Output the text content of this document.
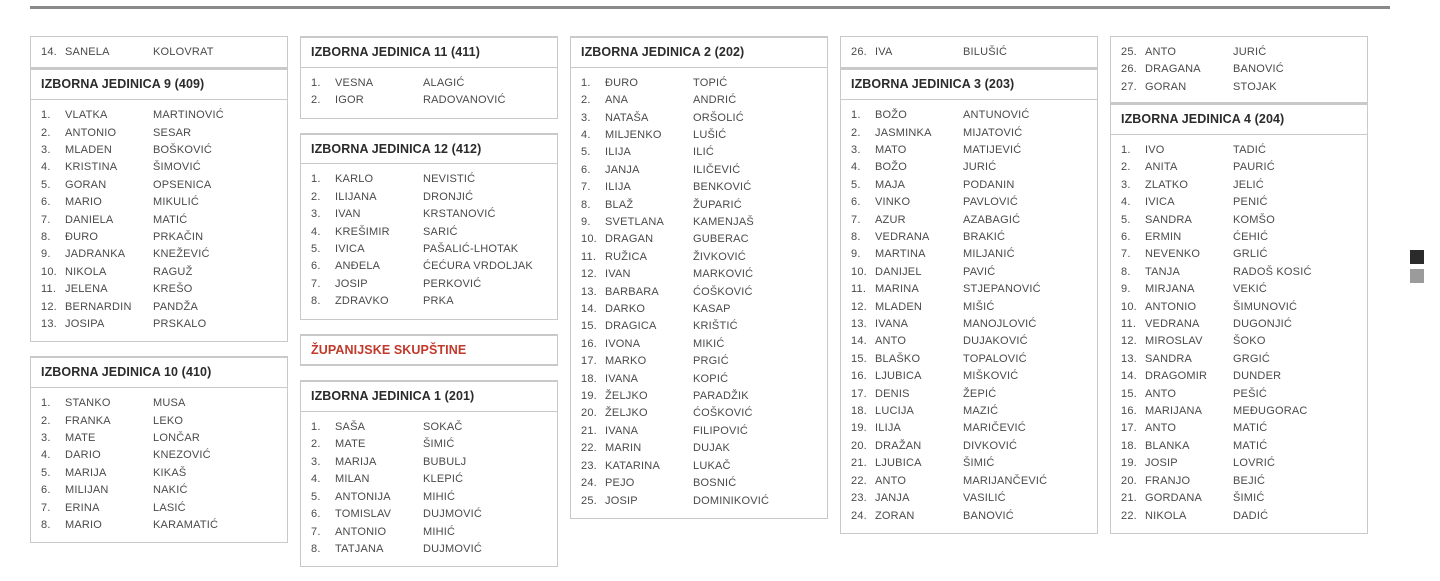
14. SANELA	KOLOVRAT
IZBORNA JEDINICA 9 (409)
1.	VLATKA	MARTINOVIĆ
2.	ANTONIO	SESAR
3.	MLADEN	BOŠKOVIĆ
4.	KRISTINA	ŠIMOVIĆ
5.	GORAN	OPSENICA
6.	MARIO	MIKULIĆ
7.	DANIELA	MATIĆ
8.	ĐURO	PRKAČIN
9.	JADRANKA	KNEŽEVIĆ
10. NIKOLA	RAGUŽ
11. JELENA	KREŠO
12. BERNARDIN	PANDŽA
13. JOSIPA	PRSKALO
IZBORNA JEDINICA 10 (410)
1.	STANKO	MUSA
2.	FRANKA	LEKO
3.	MATE	LONČAR
4.	DARIO	KNEZOVIĆ
5.	MARIJA	KIKAŠ
6.	MILIJAN	NAKIĆ
7.	ERINA	LASIĆ
8.	MARIO	KARAMATIĆ
IZBORNA JEDINICA 11 (411)
1.	VESNA	ALAGIĆ
2.	IGOR	RADOVANOVIĆ
IZBORNA JEDINICA 12 (412)
1.	KARLO	NEVISTIĆ
2.	ILIJANA	DRONJIĆ
3.	IVAN	KRSTANOVIĆ
4.	KREŠIMIR	SARIĆ
5.	IVICA	PAŠALIĆ-LHOTAK
6.	ANĐELA	ĆEĆURA VRDOLJAK
7.	JOSIP	PERKOVIĆ
8.	ZDRAVKO	PRKA
ŽUPANIJSKE SKUPŠTINE
IZBORNA JEDINICA 1 (201)
1.	SAŠA	SOKAČ
2.	MATE	ŠIMIĆ
3.	MARIJA	BUBULJ
4.	MILAN	KLEPIĆ
5.	ANTONIJA	MIHIĆ
6.	TOMISLAV	DUJMOVIĆ
7.	ANTONIO	MIHIĆ
8.	TATJANA	DUJMOVIĆ
IZBORNA JEDINICA 2 (202)
1.	ĐURO	TOPIĆ
2.	ANA	ANDRIĆ
3.	NATAŠA	ORŠOLIĆ
4.	MILJENKO	LUŠIĆ
5.	ILIJA	ILIĆ
6.	JANJA	ILIČEVIĆ
7.	ILIJA	BENKOVIĆ
8.	BLAŽ	ŽUPARIĆ
9.	SVETLANA	KAMENJAŠ
10. DRAGAN	GUBERAC
11. RUŽICA	ŽIVKOVIĆ
12. IVAN	MARKOVIĆ
13. BARBARA	ĆOŠKOVIĆ
14. DARKO	KASAP
15. DRAGICA	KRIŠTIĆ
16. IVONA	MIKIĆ
17. MARKO	PRGIĆ
18. IVANA	KOPIĆ
19. ŽELJKO	PARADŽIK
20. ŽELJKO	ĆOŠKOVIĆ
21. IVANA	FILIPOVIĆ
22. MARIN	DUJAK
23. KATARINA	LUKAČ
24. PEJO	BOSNIĆ
25. JOSIP	DOMINIKOVIĆ
26. IVA	BILUŠIĆ
IZBORNA JEDINICA 3 (203)
1.	BOŽO	ANTUNOVIĆ
2.	JASMINKA	MIJATOVIĆ
3.	MATO	MATIJEVIĆ
4.	BOŽO	JURIĆ
5.	MAJA	PODANIN
6.	VINKO	PAVLOVIĆ
7.	AZUR	AZABAGIĆ
8.	VEDRANA	BRAKIĆ
9.	MARTINA	MILJANIĆ
10. DANIJEL	PAVIĆ
11. MARINA	STJEPANOVIĆ
12. MLADEN	MIŠIĆ
13. IVANA	MANOJLOVIĆ
14. ANTO	DUJAKOVIĆ
15. BLAŠKO	TOPALOVIĆ
16. LJUBICA	MIŠKOVIĆ
17. DENIS	ŽEPIĆ
18. LUCIJA	MAZIĆ
19. ILIJA	MARIČEVIĆ
20. DRAŽAN	DIVKOVIĆ
21. LJUBICA	ŠIMIĆ
22. ANTO	MARIJANČEVIĆ
23. JANJA	VASILIĆ
24. ZORAN	BANOVIĆ
25. ANTO	JURIĆ
26. DRAGANA	BANOVIĆ
27. GORAN	STOJAK
IZBORNA JEDINICA 4 (204)
1.	IVO	TADIĆ
2.	ANITA	PAURIĆ
3.	ZLATKO	JELIĆ
4.	IVICA	PENIĆ
5.	SANDRA	KOMŠO
6.	ERMIN	ĆEHIĆ
7.	NEVENKO	GRLIĆ
8.	TANJA	RADOŠ KOSIĆ
9.	MIRJANA	VEKIĆ
10. ANTONIO	ŠIMUNOVIĆ
11. VEDRANA	DUGONJIĆ
12. MIROSLAV	ŠOKO
13. SANDRA	GRGIĆ
14. DRAGOMIR	DUNDER
15. ANTO	PEŠIĆ
16. MARIJANA	MEĐUGORAC
17. ANTO	MATIĆ
18. BLANKA	MATIĆ
19. JOSIP	LOVRIĆ
20. FRANJO	BEJIĆ
21. GORDANA	ŠIMIĆ
22. NIKOLA	DADIĆ
